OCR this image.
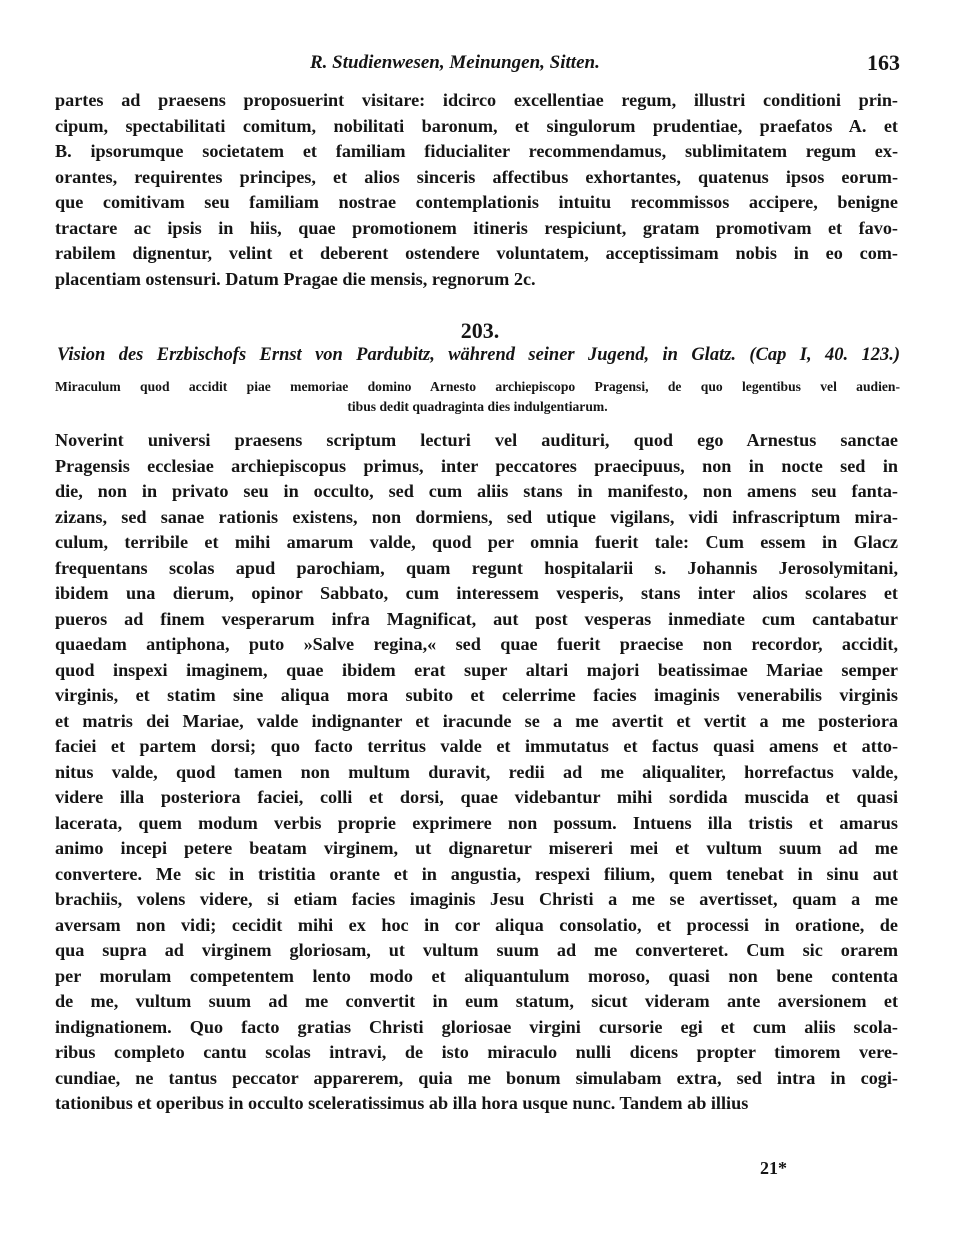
R. Studienwesen, Meinungen, Sitten.	163
partes ad praesens proposuerint visitare: idcirco excellentiae regum, illustri conditioni prin-
cipum, spectabilitati comitum, nobilitati baronum, et singulorum prudentiae, praefatos A. et
B. ipsorumque societatem et familiam fiducialiter recommendamus, sublimitatem regum ex-
orantes, requirentes principes, et alios sinceris affectibus exhortantes, quatenus ipsos eorum-
que comitivam seu familiam nostrae contemplationis intuitu recommissos accipere, benigne
tractare ac ipsis in hiis, quae promotionem itineris respiciunt, gratam promotivam et favo-
rabilem dignentur, velint et deberent ostendere voluntatem, acceptissimam nobis in eo com-
placentiam ostensuri. Datum Pragae die mensis, regnorum 2c.
203.
Vision des Erzbischofs Ernst von Pardubitz, während seiner Jugend, in Glatz. (Cap I, 40. 123.)
Miraculum quod accidit piae memoriae domino Arnesto archiepiscopo Pragensi, de quo legentibus vel audien-
tibus dedit quadraginta dies indulgentiarum.
Noverint universi praesens scriptum lecturi vel audituri, quod ego Arnestus sanctae
Pragensis ecclesiae archiepiscopus primus, inter peccatores praecipuus, non in nocte sed in
die, non in privato seu in occulto, sed cum aliis stans in manifesto, non amens seu fanta-
zizans, sed sanae rationis existens, non dormiens, sed utique vigilans, vidi infrascriptum mira-
culum, terribile et mihi amarum valde, quod per omnia fuerit tale: Cum essem in Glacz
frequentans scolas apud parochiam, quam regunt hospitalarii s. Johannis Jerosolymitani,
ibidem una dierum, opinor Sabbato, cum interessem vesperis, stans inter alios scolares et
pueros ad finem vesperarum infra Magnificat, aut post vesperas inmediate cum cantabatur
quaedam antiphona, puto »Salve regina,« sed quae fuerit praecise non recordor, accidit,
quod inspexi imaginem, quae ibidem erat super altari majori beatissimae Mariae semper
virginis, et statim sine aliqua mora subito et celerrime facies imaginis venerabilis virginis
et matris dei Mariae, valde indignanter et iracunde se a me avertit et vertit a me posteriora
faciei et partem dorsi; quo facto territus valde et immutatus et factus quasi amens et atto-
nitus valde, quod tamen non multum duravit, redii ad me aliqualiter, horrefactus valde,
videre illa posteriora faciei, colli et dorsi, quae videbantur mihi sordida muscida et quasi
lacerata, quem modum verbis proprie exprimere non possum. Intuens illa tristis et amarus
animo incepi petere beatam virginem, ut dignaretur misereri mei et vultum suum ad me
convertere. Me sic in tristitia orante et in angustia, respexi filium, quem tenebat in sinu aut
brachiis, volens videre, si etiam facies imaginis Jesu Christi a me se avertisset, quam a me
aversam non vidi; cecidit mihi ex hoc in cor aliqua consolatio, et processi in oratione, de
qua supra ad virginem gloriosam, ut vultum suum ad me converteret. Cum sic orarem
per morulam competentem lento modo et aliquantulum moroso, quasi non bene contenta
de me, vultum suum ad me convertit in eum statum, sicut videram ante aversionem et
indignationem. Quo facto gratias Christi gloriosae virgini cursorie egi et cum aliis scola-
ribus completo cantu scolas intravi, de isto miraculo nulli dicens propter timorem vere-
cundiae, ne tantus peccator apparerem, quia me bonum simulabam extra, sed intra in cogi-
tationibus et operibus in occulto sceleratissimus ab illa hora usque nunc. Tandem ab illius
21*
